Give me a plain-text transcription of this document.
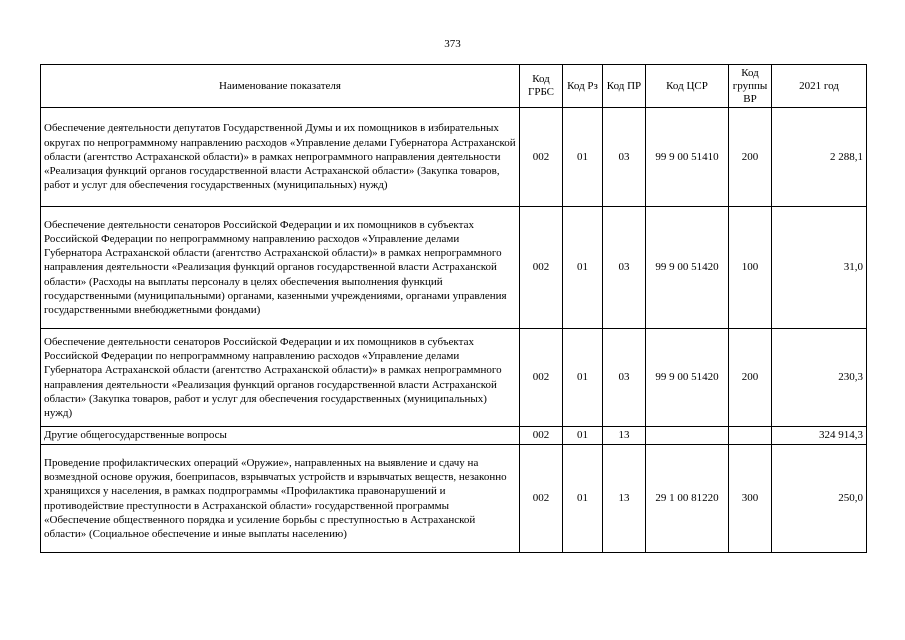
373
Наименование показателя	Код ГРБС	Код Рз	Код ПР	Код ЦСР	Код группы ВР	2021 год
Обеспечение деятельности депутатов Государственной Думы и их помощников в избирательных округах по непрограммному направлению расходов «Управление делами Губернатора Астраханской области (агентство Астраханской области)» в рамках непрограммного направления деятельности «Реализация функций органов государственной власти Астраханской области» (Закупка товаров, работ и услуг для обеспечения государственных (муниципальных) нужд)	002	01	03	99 9 00 51410	200	2 288,1
Обеспечение деятельности сенаторов Российской Федерации и их помощников в субъектах Российской Федерации по непрограммному направлению расходов «Управление делами Губернатора Астраханской области (агентство Астраханской области)» в рамках непрограммного направления деятельности «Реализация функций органов государственной власти Астраханской области» (Расходы на выплаты персоналу в целях обеспечения выполнения функций государственными (муниципальными) органами, казенными учреждениями, органами управления государственными внебюджетными фондами)	002	01	03	99 9 00 51420	100	31,0
Обеспечение деятельности сенаторов Российской Федерации и их помощников в субъектах Российской Федерации по непрограммному направлению расходов «Управление делами Губернатора Астраханской области (агентство Астраханской области)» в рамках непрограммного направления деятельности «Реализация функций органов государственной власти Астраханской области» (Закупка товаров, работ и услуг для обеспечения государственных (муниципальных) нужд)	002	01	03	99 9 00 51420	200	230,3
Другие общегосударственные вопросы	002	01	13			324 914,3
Проведение профилактических операций «Оружие», направленных на выявление и сдачу на возмездной основе оружия, боеприпасов, взрывчатых устройств и взрывчатых веществ, незаконно хранящихся у населения, в рамках подпрограммы «Профилактика правонарушений и противодействие преступности в Астраханской области» государственной программы «Обеспечение общественного порядка и усиление борьбы с преступностью в Астраханской области» (Социальное обеспечение и иные выплаты населению)	002	01	13	29 1 00 81220	300	250,0
